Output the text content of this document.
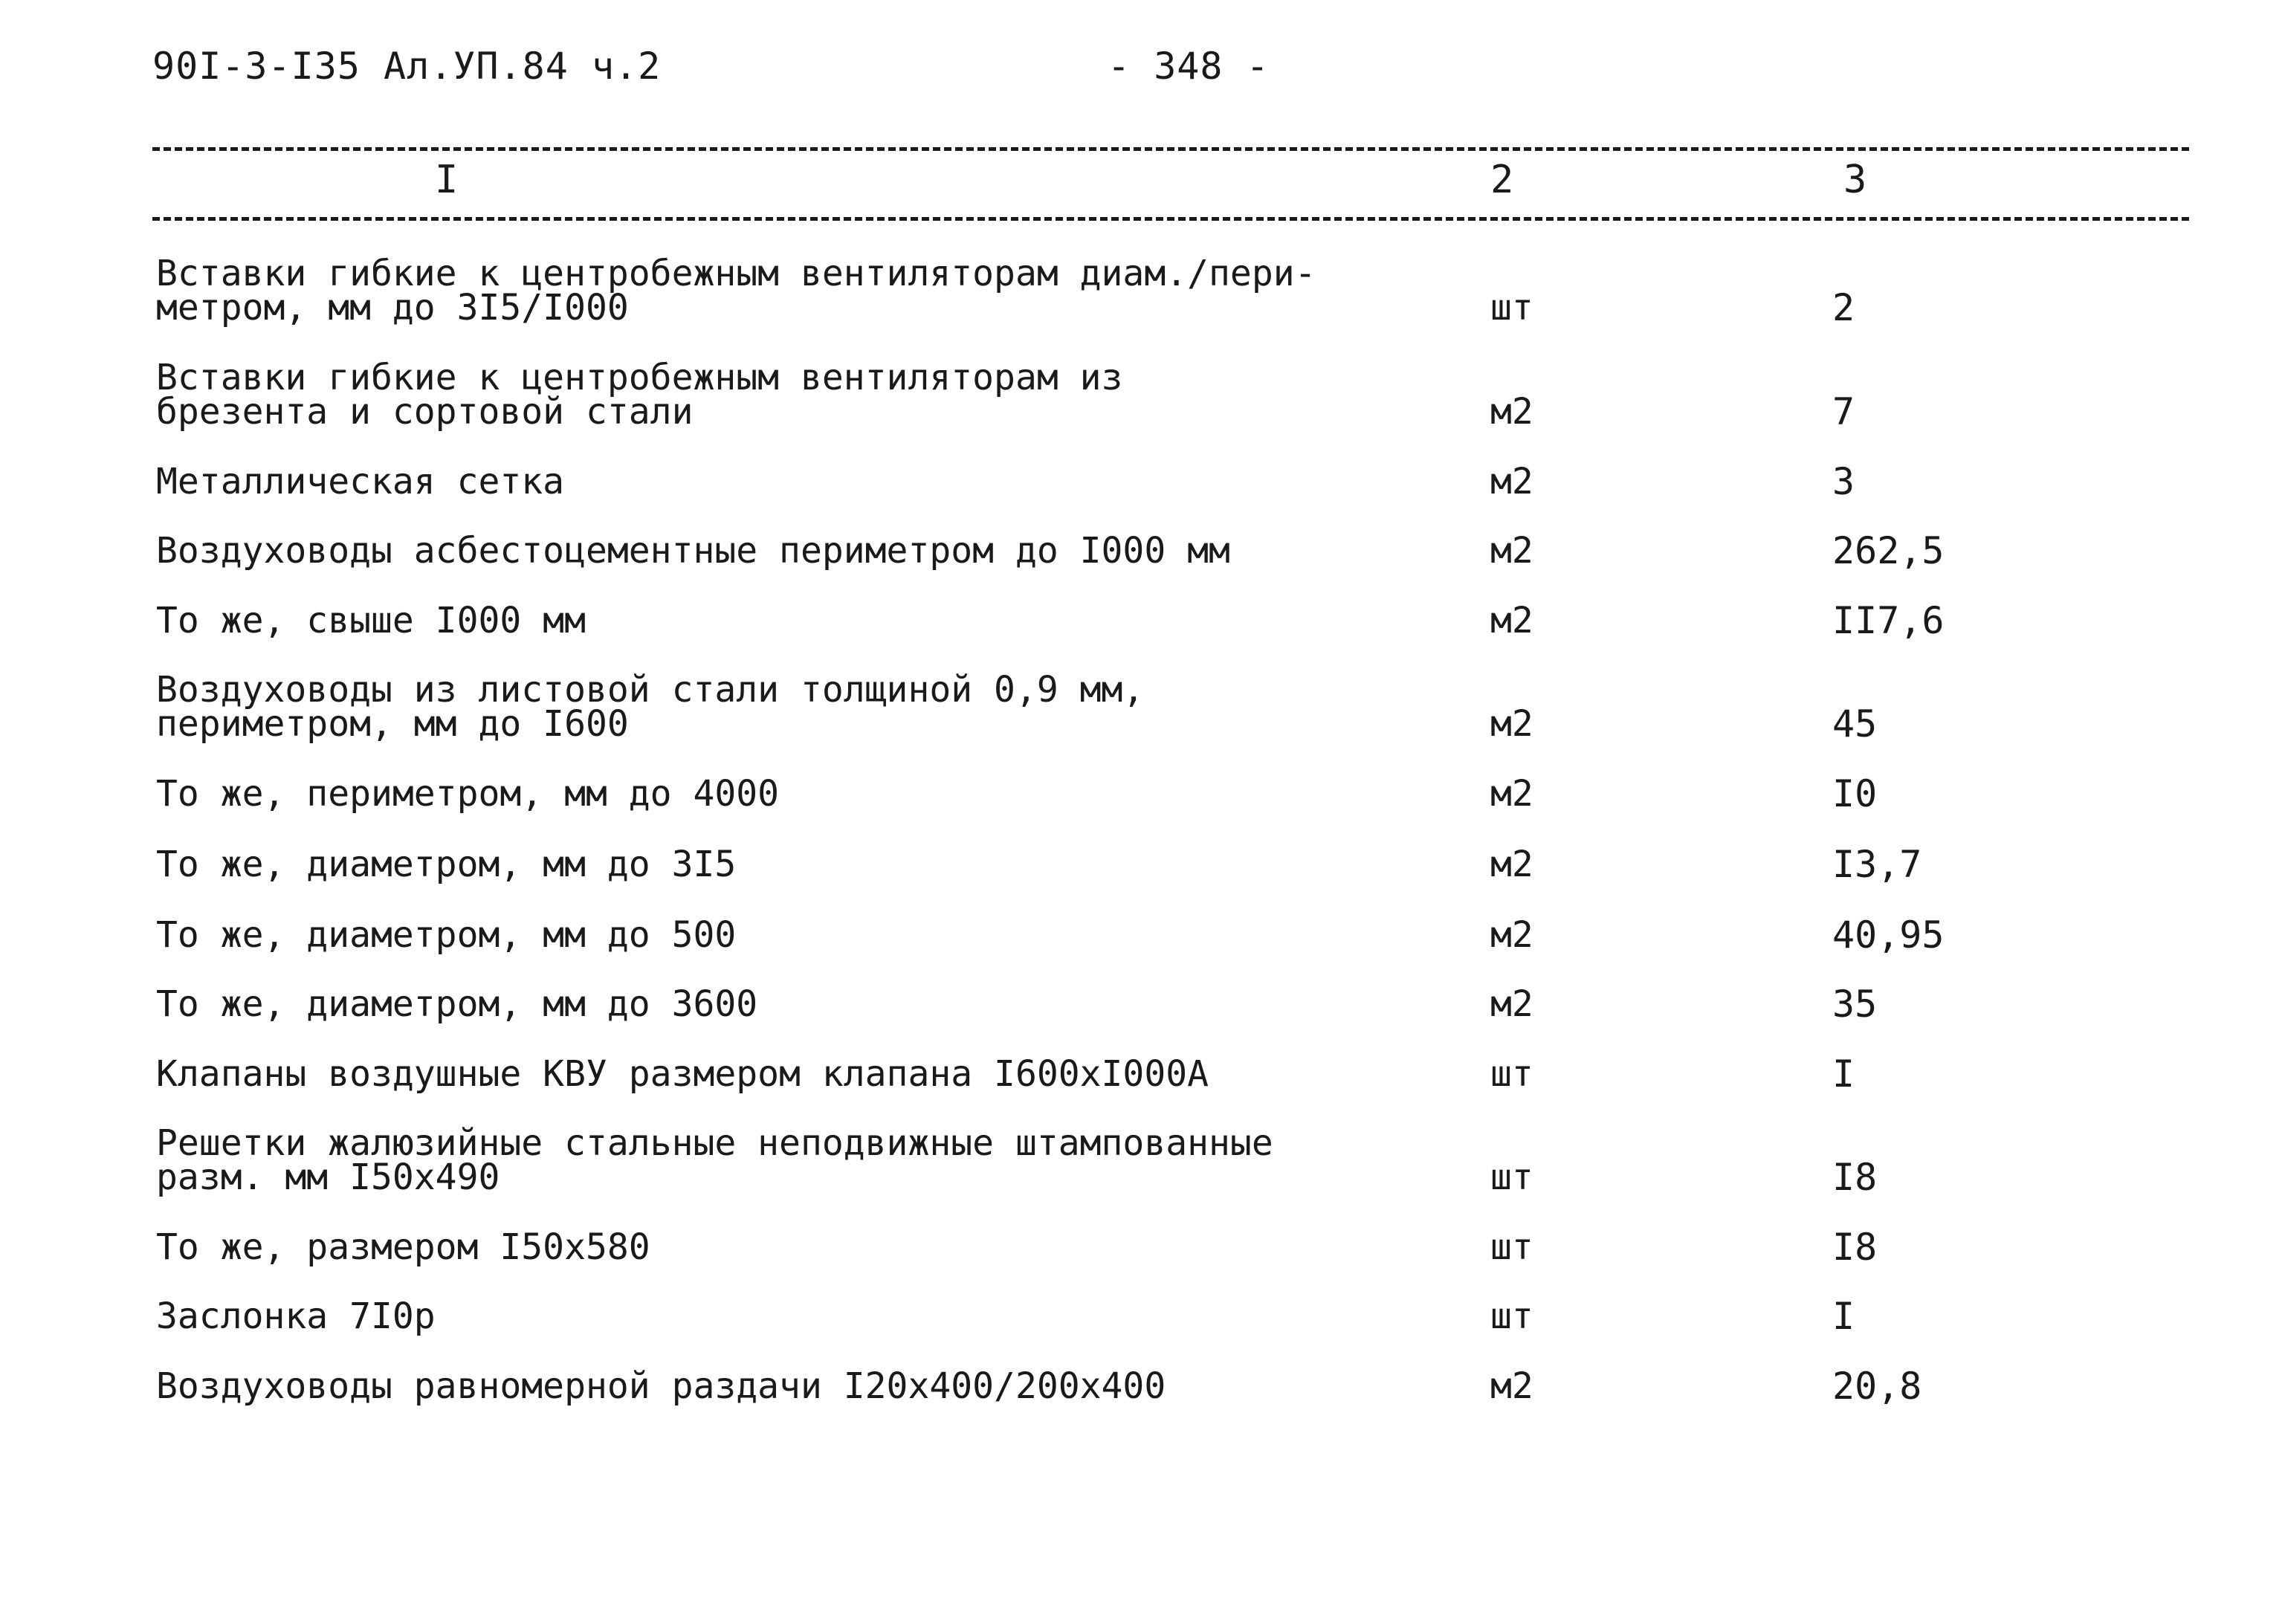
90I-3-I35 Ал.УП.84 ч.2	- 348 -
I	2	3
Вставки гибкие к центробежным вентиляторам диам./пери-
метром, мм до 3I5/I000	шт	2
Вставки гибкие к центробежным вентиляторам из
брезента и сортовой стали	м2	7
Металлическая сетка	м2	3
Воздуховоды асбестоцементные периметром до I000 мм	м2	262,5
То же, свыше I000 мм	м2	II7,6
Воздуховоды из листовой стали толщиной 0,9 мм,
периметром, мм до I600	м2	45
То же, периметром, мм до 4000	м2	I0
То же, диаметром, мм до 3I5	м2	I3,7
То же, диаметром, мм до 500	м2	40,95
То же, диаметром, мм до 3600	м2	35
Клапаны воздушные КВУ размером клапана I600хI000А	шт	I
Решетки жалюзийные стальные неподвижные штампованные
разм. мм I50х490	шт	I8
То же, размером I50х580	шт	I8
Заслонка 7I0р	шт	I
Воздуховоды равномерной раздачи I20х400/200х400	м2	20,8
